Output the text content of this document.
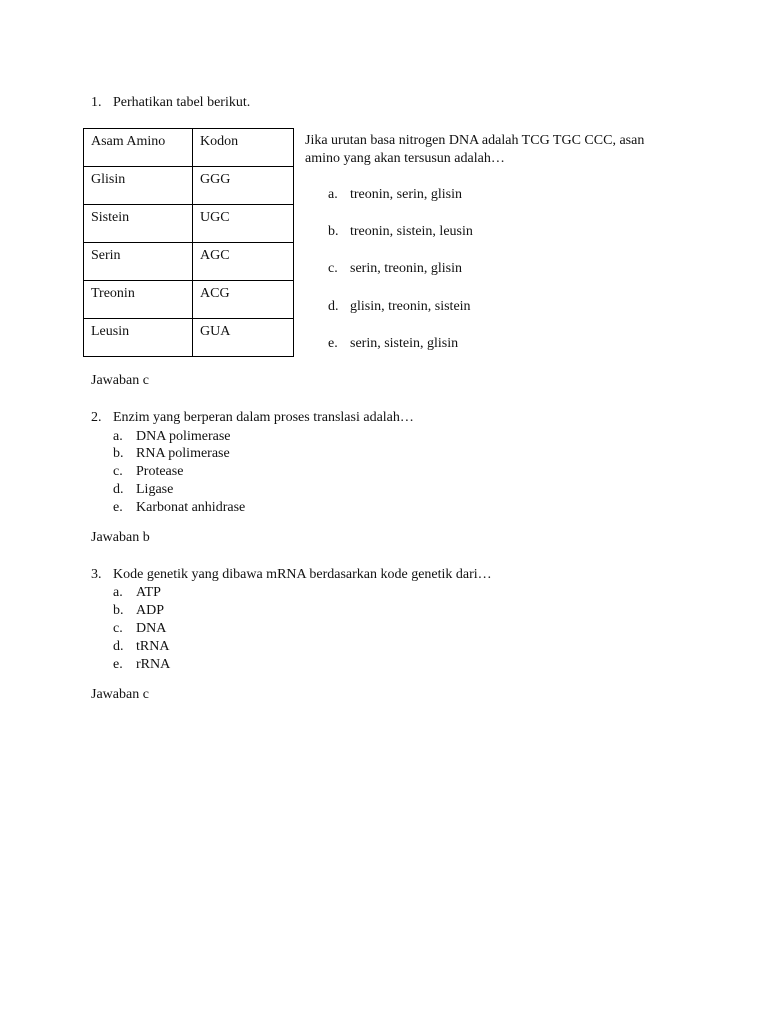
1. Perhatikan tabel berikut.
Asam Amino	Kodon
Glisin	GGG
Sistein	UGC
Serin	AGC
Treonin	ACG
Leusin	GUA
Jika urutan basa nitrogen DNA adalah TCG TGC CCC, asan
amino yang akan tersusun adalah…
a. treonin, serin, glisin
b. treonin, sistein, leusin
c. serin, treonin, glisin
d. glisin, treonin, sistein
e. serin, sistein, glisin
Jawaban c
2. Enzim yang berperan dalam proses translasi adalah…
a. DNA polimerase
b. RNA polimerase
c. Protease
d. Ligase
e. Karbonat anhidrase
Jawaban b
3. Kode genetik yang dibawa mRNA berdasarkan kode genetik dari…
a. ATP
b. ADP
c. DNA
d. tRNA
e. rRNA
Jawaban c
